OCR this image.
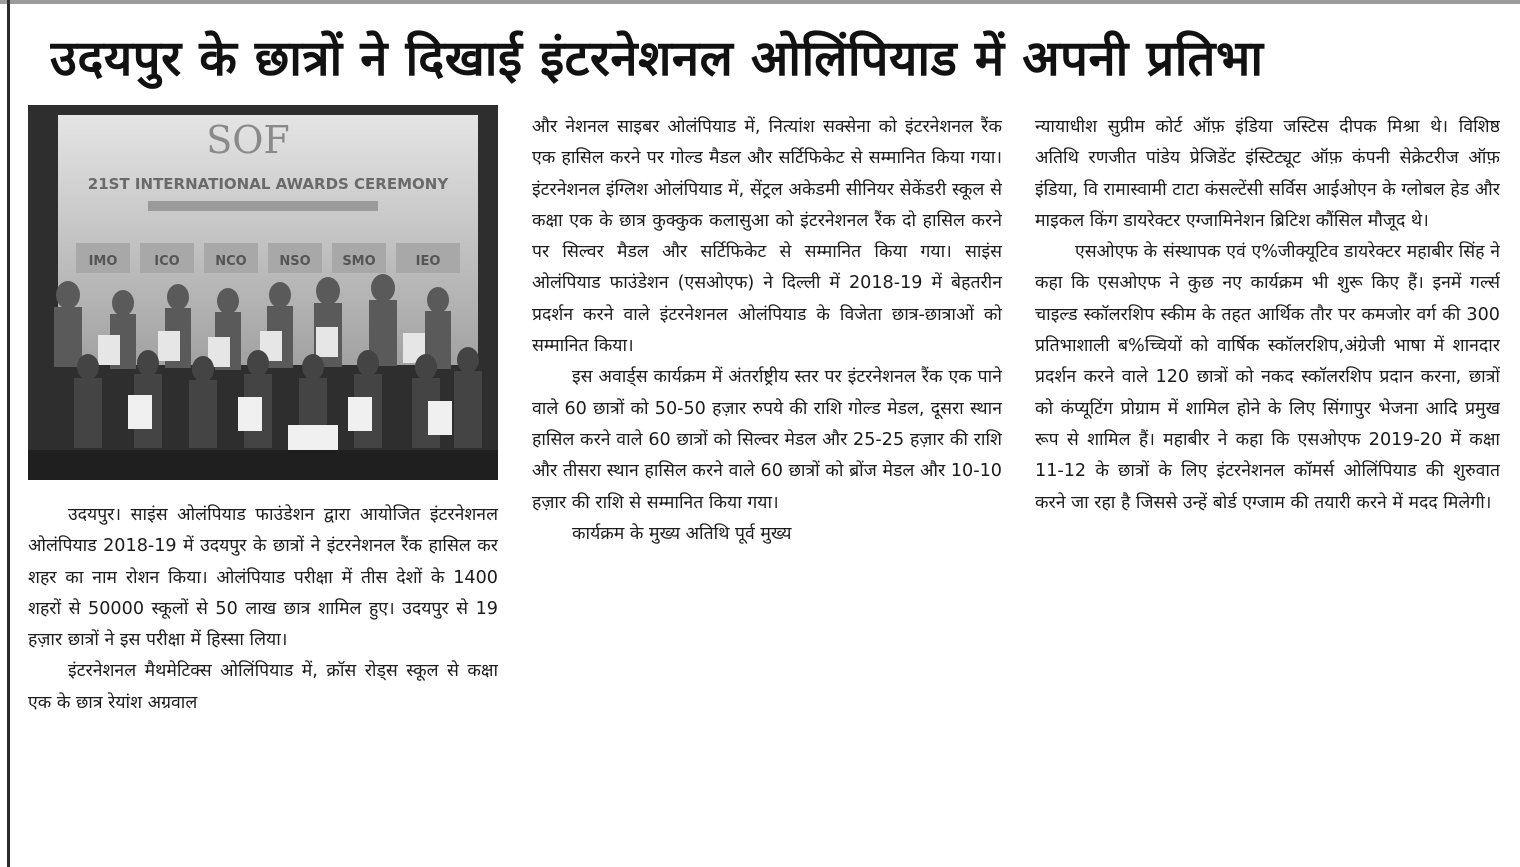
उदयपुर के छात्रों ने दिखाई इंटरनेशनल ओलिंपियाड में अपनी प्रतिभा
SOF
21ST INTERNATIONAL AWARDS CEREMONY
IMO	ICO	NCO	NSO SMO	IEO

उदयपुर। साइंस ओलंपियाड फाउंडेशन द्वारा आयोजित इंटरनेशनल ओलंपियाड 2018-19 में उदयपुर के छात्रों ने इंटरनेशनल रैंक हासिल कर शहर का नाम रोशन किया। ओलंपियाड परीक्षा में तीस देशों के 1400 शहरों से 50000 स्कूलों से 50 लाख छात्र शामिल हुए। उदयपुर से 19 हज़ार छात्रों ने इस परीक्षा में हिस्सा लिया।

इंटरनेशनल मैथमेटिक्स ओलिंपियाड में, क्रॉस रोड्स स्कूल से कक्षा एक के छात्र रेयांश अग्रवाल

और नेशनल साइबर ओलंपियाड में, नित्यांश सक्सेना को इंटरनेशनल रैंक एक हासिल करने पर गोल्ड मैडल और सर्टिफिकेट से सम्मानित किया गया। इंटरनेशनल इंग्लिश ओलंपियाड में, सेंट्रल अकेडमी सीनियर सेकेंडरी स्कूल से कक्षा एक के छात्र कुक्कुक कलासुआ को इंटरनेशनल रैंक दो हासिल करने पर सिल्वर मैडल और सर्टिफिकेट से सम्मानित किया गया। साइंस ओलंपियाड फाउंडेशन (एसओएफ) ने दिल्ली में 2018-19 में बेहतरीन प्रदर्शन करने वाले इंटरनेशनल ओलंपियाड के विजेता छात्र-छात्राओं को सम्मानित किया।

इस अवार्ड्स कार्यक्रम में अंतर्राष्ट्रीय स्तर पर इंटरनेशनल रैंक एक पाने वाले 60 छात्रों को 50-50 हज़ार रुपये की राशि गोल्ड मेडल, दूसरा स्थान हासिल करने वाले 60 छात्रों को सिल्वर मेडल और 25-25 हज़ार की राशि और तीसरा स्थान हासिल करने वाले 60 छात्रों को ब्रोंज मेडल और 10-10 हज़ार की राशि से सम्मानित किया गया।

कार्यक्रम के मुख्य अतिथि पूर्व मुख्य

न्यायाधीश सुप्रीम कोर्ट ऑफ़ इंडिया जस्टिस दीपक मिश्रा थे। विशिष्ठ अतिथि रणजीत पांडेय प्रेजिडेंट इंस्टिट्यूट ऑफ़ कंपनी सेक्रेटरीज ऑफ़ इंडिया, वि रामास्वामी टाटा कंसल्टेंसी सर्विस आईओएन के ग्लोबल हेड और माइकल किंग डायरेक्टर एग्जामिनेशन ब्रिटिश कौंसिल मौजूद थे।

एसओएफ के संस्थापक एवं ए%जीक्यूटिव डायरेक्टर महाबीर सिंह ने कहा कि एसओएफ ने कुछ नए कार्यक्रम भी शुरू किए हैं। इनमें गर्ल्स चाइल्ड स्कॉलरशिप स्कीम के तहत आर्थिक तौर पर कमजोर वर्ग की 300 प्रतिभाशाली ब%च्चियों को वार्षिक स्कॉलरशिप,अंग्रेजी भाषा में शानदार प्रदर्शन करने वाले 120 छात्रों को नकद स्कॉलरशिप प्रदान करना, छात्रों को कंप्यूटिंग प्रोग्राम में शामिल होने के लिए सिंगापुर भेजना आदि प्रमुख रूप से शामिल हैं। महाबीर ने कहा कि एसओएफ 2019-20 में कक्षा 11-12 के छात्रों के लिए इंटरनेशनल कॉमर्स ओलिंपियाड की शुरुवात करने जा रहा है जिससे उन्हें बोर्ड एग्जाम की तयारी करने में मदद मिलेगी।
